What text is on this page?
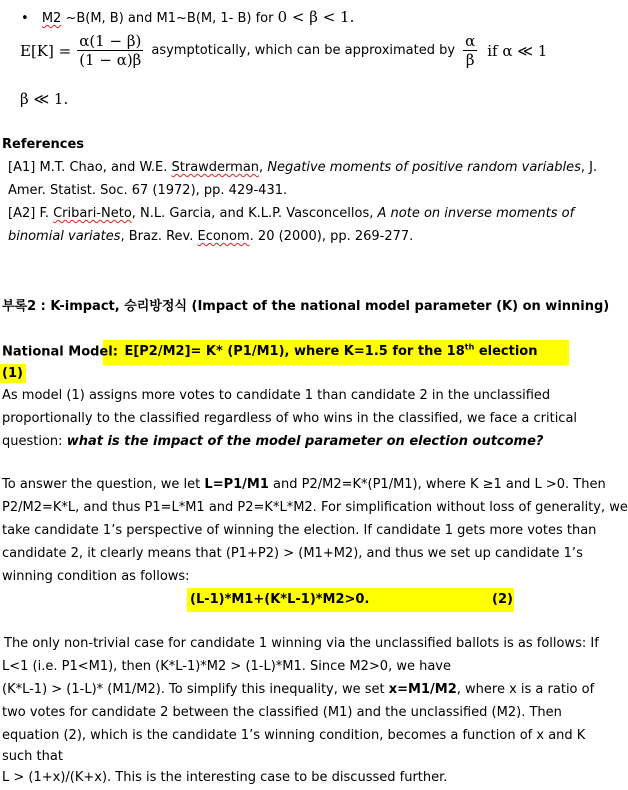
• M2 ~B(M, B) and M1~B(M, 1- B) for 0 < β < 1.
$E[K] = \frac{\alpha(1 - \beta)}{(1 - \alpha)\beta}$ asymptotically, which can be approximated by $\frac{\alpha}{\beta}$ if α ≪ 1
β ≪ 1.
References
[A1] M.T. Chao, and W.E. Strawderman, Negative moments of positive random variables, J.
Amer. Statist. Soc. 67 (1972), pp. 429-431.
[A2] F. Cribari-Neto, N.L. Garcia, and K.L.P. Vasconcellos, A note on inverse moments of
binomial variates, Braz. Rev. Econom. 20 (2000), pp. 269-277.
부록2 : K-impact, 승리방정식 (Impact of the national model parameter (K) on winning)
National Model: E[P2/M2]= K* (P1/M1), where K=1.5 for the 18th election
(1)
As model (1) assigns more votes to candidate 1 than candidate 2 in the unclassified
proportionally to the classified regardless of who wins in the classified, we face a critical
question: what is the impact of the model parameter on election outcome?
To answer the question, we let L=P1/M1 and P2/M2=K*(P1/M1), where K ≥1 and L >0. Then
P2/M2=K*L, and thus P1=L*M1 and P2=K*L*M2. For simplification without loss of generality, we
take candidate 1’s perspective of winning the election. If candidate 1 gets more votes than
candidate 2, it clearly means that (P1+P2) > (M1+M2), and thus we set up candidate 1’s
winning condition as follows:
(L-1)*M1+(K*L-1)*M2>0.	(2)
The only non-trivial case for candidate 1 winning via the unclassified ballots is as follows: If
L<1 (i.e. P1<M1), then (K*L-1)*M2 > (1-L)*M1. Since M2>0, we have
(K*L-1) > (1-L)* (M1/M2). To simplify this inequality, we set x=M1/M2, where x is a ratio of
two votes for candidate 2 between the classified (M1) and the unclassified (M2). Then
equation (2), which is the candidate 1’s winning condition, becomes a function of x and K
such that
L > (1+x)/(K+x). This is the interesting case to be discussed further.
